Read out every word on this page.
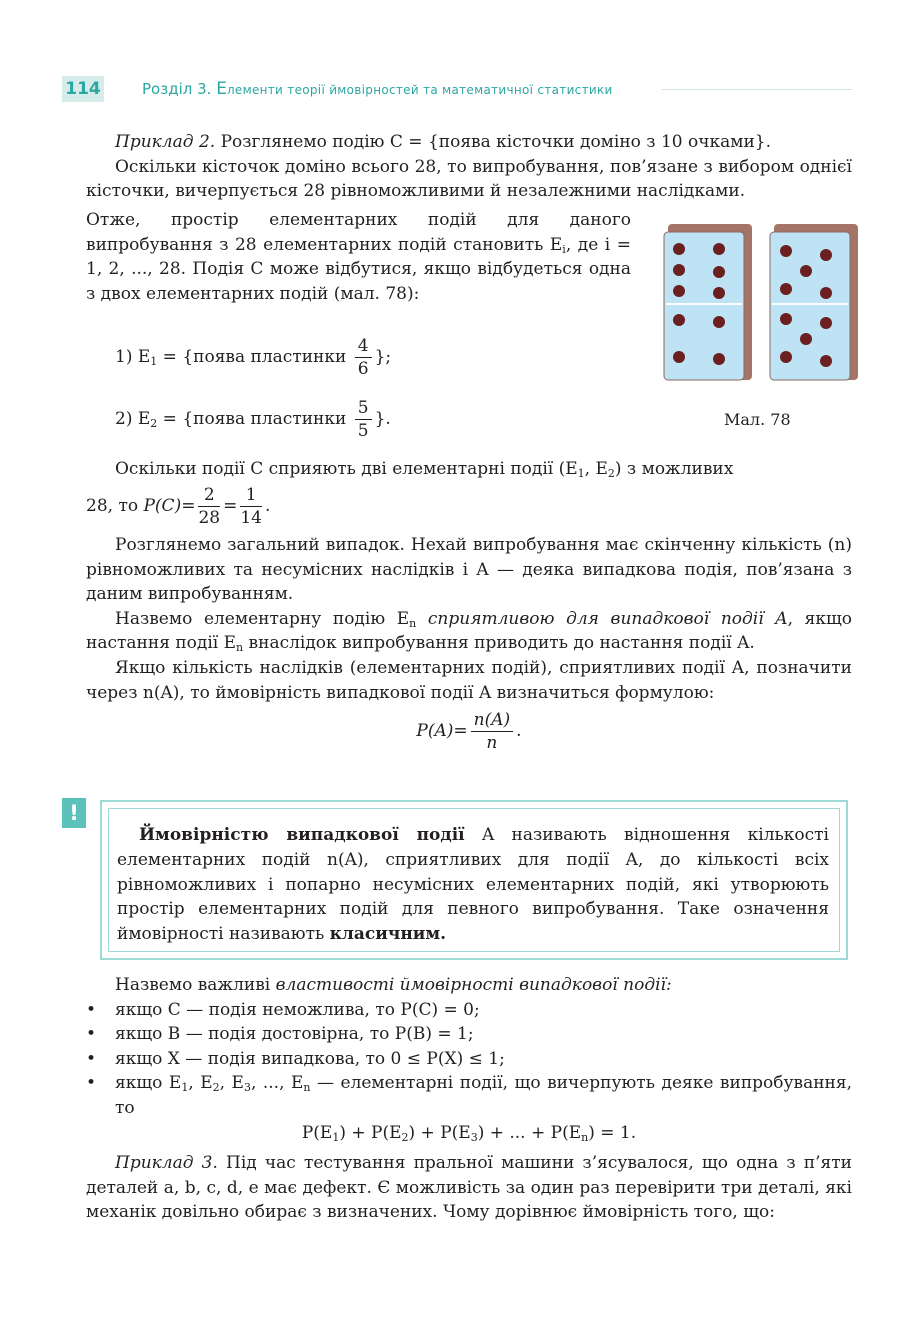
114	Розділ 3. Елементи теорії ймовірностей та математичної статистики

Приклад 2. Розглянемо подію C = {поява кісточки доміно з 10 очками}.

Оскільки кісточок доміно всього 28, то випробування, пов’язане з вибором однієї кісточки, вичерпується 28 рівноможливими й незалежними наслідками.

Отже, простір елементарних подій для даного випробування з 28 елементарних подій становить $E_i$, де i = 1, 2, ..., 28. Подія C може відбутися, якщо відбудеться одна з двох елементарних подій (мал. 78):

1) $E_1$ = {поява пластинки $\frac{4}{6}$ };

2) $E_2$ = {поява пластинки $\frac{5}{5}$ }.	Мал. 78

Оскільки події C сприяють дві елементарні події ($E_1$, $E_2$) з можливих

28, то $P(C)= \frac{2}{28} = \frac{1}{14}$ .

Розглянемо загальний випадок. Нехай випробування має скінченну кількість (n) рівноможливих та несумісних наслідків і A — деяка випадкова подія, пов’язана з даним випробуванням.

Назвемо елементарну подію $E_n$ сприятливою для випадкової події A, якщо настання події $E_n$ внаслідок випробування приводить до настання події A.

Якщо кількість наслідків (елементарних подій), сприятливих події A, позначити через n(A), то ймовірність випадкової події A визначиться формулою:

$P(A)= \frac{n(A)}{n}$ .
!
Ймовірністю випадкової події A називають відношення кількості елементарних подій n(A), сприятливих для події A, до кількості всіх рівноможливих і попарно несумісних елементарних подій, які утворюють простір елементарних подій для певного випробування. Таке означення ймовірності називають класичним.

Назвемо важливі властивості ймовірності випадкової події:

• якщо C — подія неможлива, то P(C) = 0;
• якщо B — подія достовірна, то P(B) = 1;
• якщо X — подія випадкова, то 0 ≤ P(X) ≤ 1;
• якщо $E_1$, $E_2$, $E_3$, ..., $E_n$ — елементарні події, що вичерпують деяке випробування, то

$P(E_1) + P(E_2) + P(E_3)$ + ... + $P(E_n) = 1$.

Приклад 3. Під час тестування пральної машини з’ясувалося, що одна з п’яти деталей a, b, c, d, e має дефект. Є можливість за один раз перевірити три деталі, які механік довільно обирає з визначених. Чому дорівнює ймовірність того, що:
